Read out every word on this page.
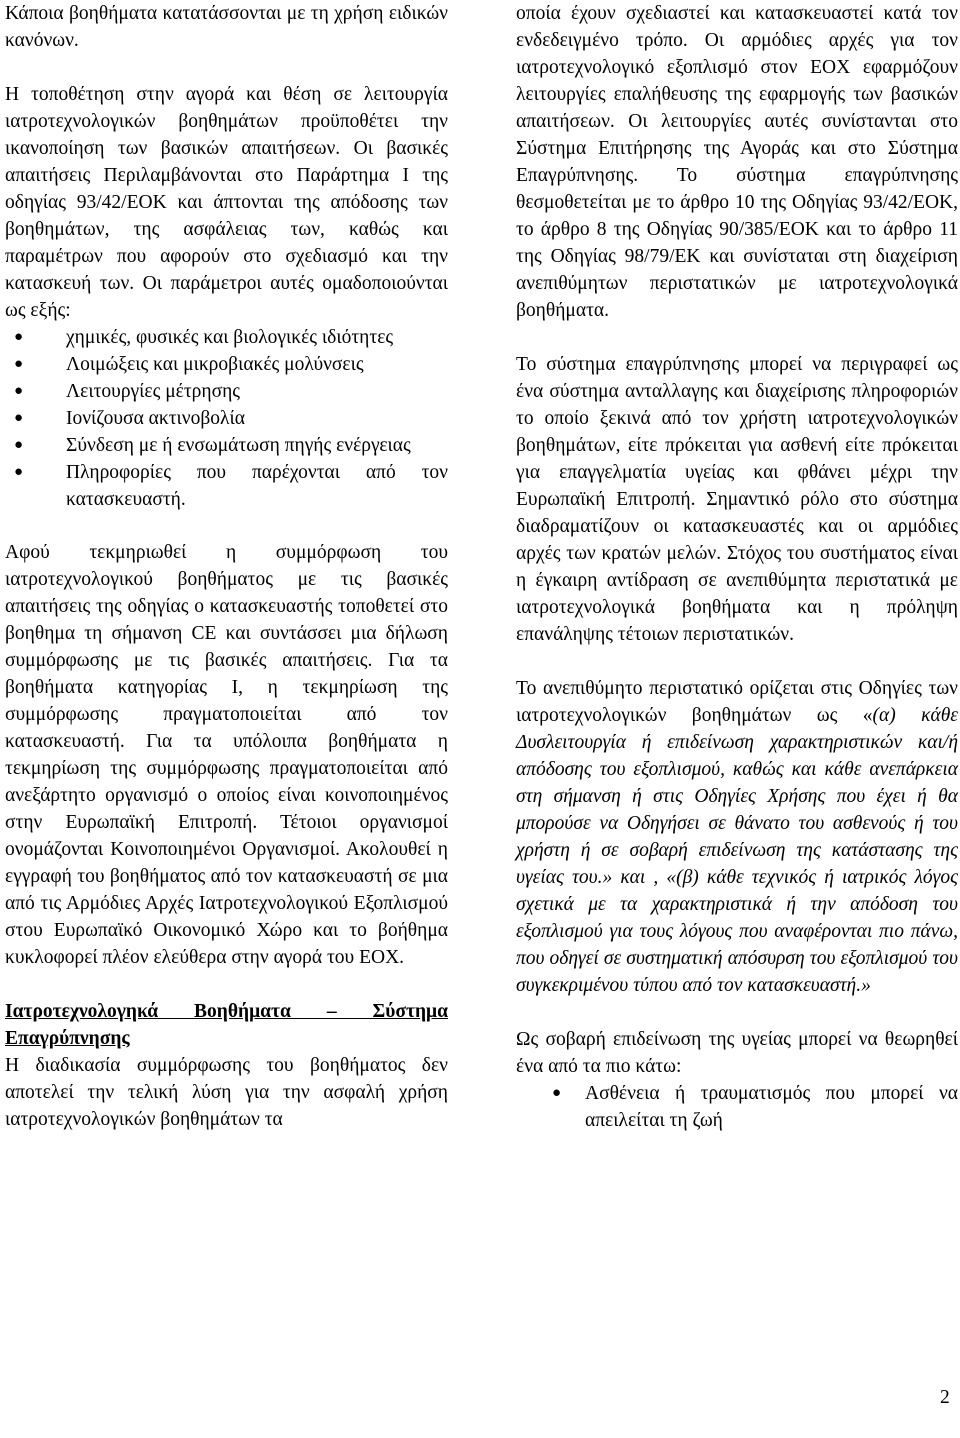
Κάποια βοηθήματα κατατάσσονται με τη χρήση ειδικών κανόνων.

Η τοποθέτηση στην αγορά και θέση σε λειτουργία ιατροτεχνολογικών βοηθημάτων προϋποθέτει την ικανοποίηση των βασικών απαιτήσεων. Οι βασικές απαιτήσεις Περιλαμβάνονται στο Παράρτημα Ι της οδηγίας 93/42/ΕΟΚ και άπτονται της απόδοσης των βοηθημάτων, της ασφάλειας των, καθώς και παραμέτρων που αφορούν στο σχεδιασμό και την κατασκευή των. Οι παράμετροι αυτές ομαδοποιούνται ως εξής:

● χημικές, φυσικές και βιολογικές ιδιότητες
● Λοιμώξεις και μικροβιακές μολύνσεις
● Λειτουργίες μέτρησης
● Ιονίζουσα ακτινοβολία
● Σύνδεση με ή ενσωμάτωση πηγής ενέργειας
● Πληροφορίες που παρέχονται από τον κατασκευαστή.

Αφού τεκμηριωθεί η συμμόρφωση του ιατροτεχνολογικού βοηθήματος με τις βασικές απαιτήσεις της οδηγίας ο κατασκευαστής τοποθετεί στο βοηθημα τη σήμανση CE και συντάσσει μια δήλωση συμμόρφωσης με τις βασικές απαιτήσεις. Για τα βοηθήματα κατηγορίας Ι, η τεκμηρίωση της συμμόρφωσης πραγματοποιείται από τον κατασκευαστή. Για τα υπόλοιπα βοηθήματα η τεκμηρίωση της συμμόρφωσης πραγματοποιείται από ανεξάρτητο οργανισμό ο οποίος είναι κοινοποιημένος στην Ευρωπαϊκή Επιτροπή. Τέτοιοι οργανισμοί ονομάζονται Κοινοποιημένοι Οργανισμοί. Ακολουθεί η εγγραφή του βοηθήματος από τον κατασκευαστή σε μια από τις Αρμόδιες Αρχές Ιατροτεχνολογικού Εξοπλισμού στου Ευρωπαϊκό Οικονομικό Χώρο και το βοήθημα κυκλοφορεί πλέον ελεύθερα στην αγορά του ΕΟΧ.

Ιατροτεχνολογηκά Βοηθήματα – Σύστημα Επαγρύπνησης

Η διαδικασία συμμόρφωσης του βοηθήματος δεν αποτελεί την τελική λύση για την ασφαλή χρήση ιατροτεχνολογικών βοηθημάτων τα

οποία έχουν σχεδιαστεί και κατασκευαστεί κατά τον ενδεδειγμένο τρόπο. Οι αρμόδιες αρχές για τον ιατροτεχνολογικό εξοπλισμό στον ΕΟΧ εφαρμόζουν λειτουργίες επαλήθευσης της εφαρμογής των βασικών απαιτήσεων. Οι λειτουργίες αυτές συνίστανται στο Σύστημα Επιτήρησης της Αγοράς και στο Σύστημα Επαγρύπνησης. Το σύστημα επαγρύπνησης θεσμοθετείται με το άρθρο 10 της Οδηγίας 93/42/ΕΟΚ, το άρθρο 8 της Οδηγίας 90/385/ΕΟΚ και το άρθρο 11 της Οδηγίας 98/79/ΕΚ και συνίσταται στη διαχείριση ανεπιθύμητων περιστατικών με ιατροτεχνολογικά βοηθήματα.

Το σύστημα επαγρύπνησης μπορεί να περιγραφεί ως ένα σύστημα ανταλλαγης και διαχείρισης πληροφοριών το οποίο ξεκινά από τον χρήστη ιατροτεχνολογικών βοηθημάτων, είτε πρόκειται για ασθενή είτε πρόκειται για επαγγελματία υγείας και φθάνει μέχρι την Ευρωπαϊκή Επιτροπή. Σημαντικό ρόλο στο σύστημα διαδραματίζουν οι κατασκευαστές και οι αρμόδιες αρχές των κρατών μελών. Στόχος του συστήματος είναι η έγκαιρη αντίδραση σε ανεπιθύμητα περιστατικά με ιατροτεχνολογικά βοηθήματα και η πρόληψη επανάληψης τέτοιων περιστατικών.

Το ανεπιθύμητο περιστατικό ορίζεται στις Οδηγίες των ιατροτεχνολογικών βοηθημάτων ως «(α) κάθε Δυσλειτουργία ή επιδείνωση χαρακτηριστικών και/ή απόδοσης του εξοπλισμού, καθώς και κάθε ανεπάρκεια στη σήμανση ή στις Οδηγίες Χρήσης που έχει ή θα μπορούσε να Οδηγήσει σε θάνατο του ασθενούς ή του χρήστη ή σε σοβαρή επιδείνωση της κατάστασης της υγείας του.» και , «(β) κάθε τεχνικός ή ιατρικός λόγος σχετικά με τα χαρακτηριστικά ή την απόδοση του εξοπλισμού για τους λόγους που αναφέρονται πιο πάνω, που οδηγεί σε συστηματική απόσυρση του εξοπλισμού του συγκεκριμένου τύπου από τον κατασκευαστή.»

Ως σοβαρή επιδείνωση της υγείας μπορεί να θεωρηθεί ένα από τα πιο κάτω:

● Ασθένεια ή τραυματισμός που μπορεί να απειλείται τη ζωή
2
